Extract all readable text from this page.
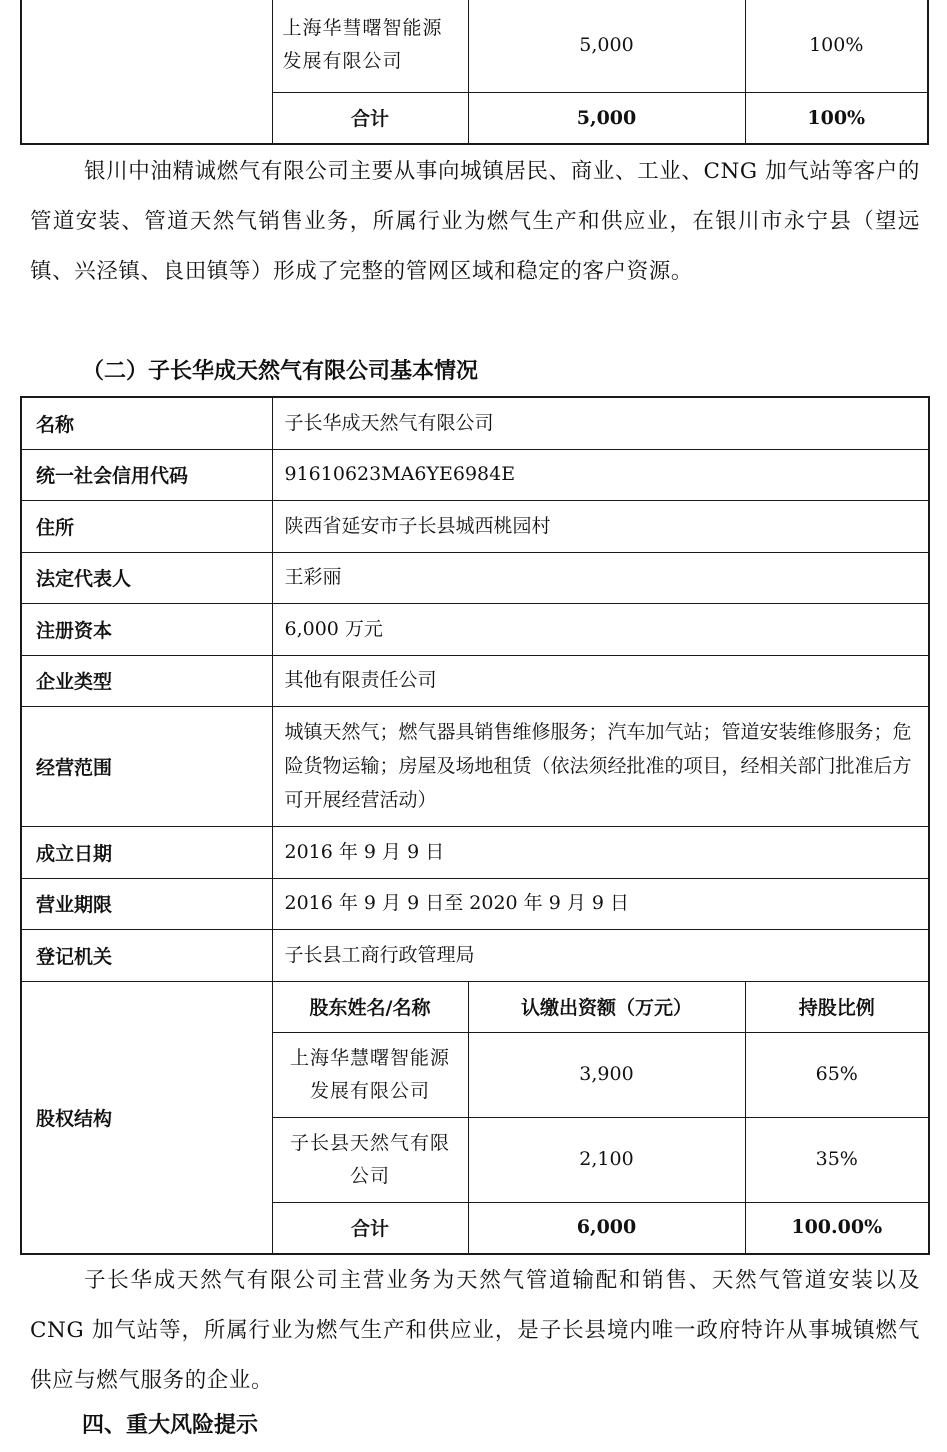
	上海华彗曙智能源发展有限公司	5,000	100%
	合计	5,000	100%

银川中油精诚燃气有限公司主要从事向城镇居民、商业、工业、CNG 加气站等客户的管道安装、管道天然气销售业务，所属行业为燃气生产和供应业，在银川市永宁县（望远镇、兴泾镇、良田镇等）形成了完整的管网区域和稳定的客户资源。

（二）子长华成天然气有限公司基本情况
名称	子长华成天然气有限公司		
统一社会信用代码	91610623MA6YE6984E		
住所	陕西省延安市子长县城西桃园村		
法定代表人	王彩丽		
注册资本	6,000 万元		
企业类型	其他有限责任公司		
经营范围	城镇天然气；燃气器具销售维修服务；汽车加气站；管道安装维修服务；危险货物运输；房屋及场地租赁（依法须经批准的项目，经相关部门批准后方可开展经营活动）		
成立日期	2016 年 9 月 9 日		
营业期限	2016 年 9 月 9 日至 2020 年 9 月 9 日		
登记机关	子长县工商行政管理局		
股权结构	股东姓名/名称	认缴出资额（万元）	持股比例
	上海华慧曙智能源发展有限公司	3,900	65%
	子长县天然气有限公司	2,100	35%
	合计	6,000	100.00%

子长华成天然气有限公司主营业务为天然气管道输配和销售、天然气管道安装以及 CNG 加气站等，所属行业为燃气生产和供应业，是子长县境内唯一政府特许从事城镇燃气供应与燃气服务的企业。

四、重大风险提示
